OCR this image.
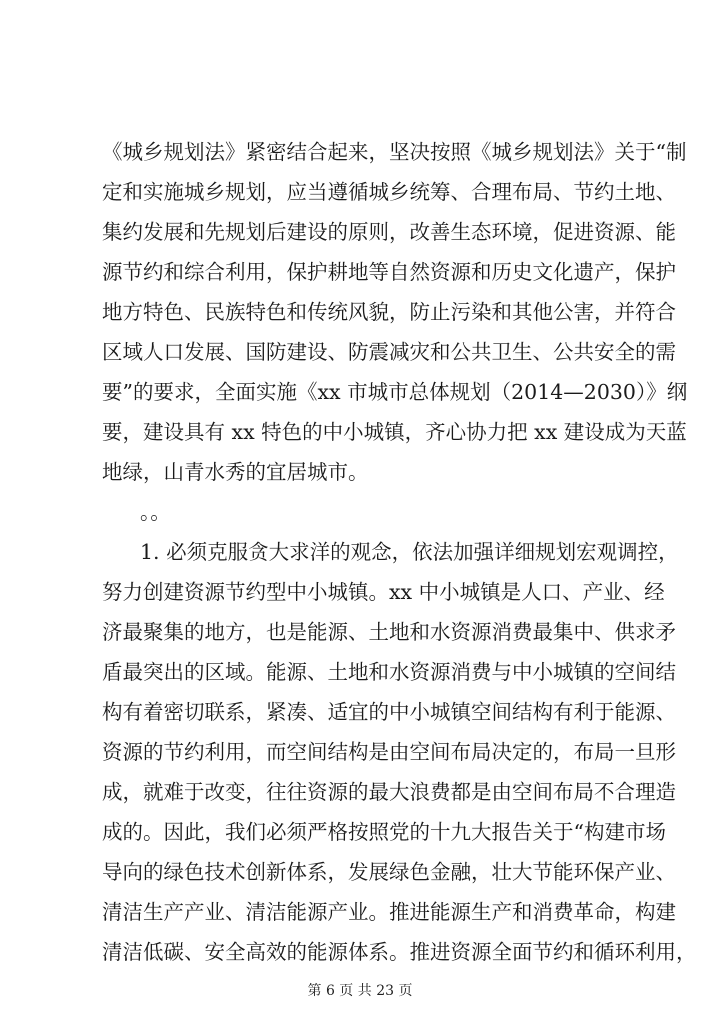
《城乡规划法》紧密结合起来，坚决按照《城乡规划法》关于“制
定和实施城乡规划，应当遵循城乡统筹、合理布局、节约土地、
集约发展和先规划后建设的原则，改善生态环境，促进资源、能
源节约和综合利用，保护耕地等自然资源和历史文化遗产，保护
地方特色、民族特色和传统风貌，防止污染和其他公害，并符合
区域人口发展、国防建设、防震减灾和公共卫生、公共安全的需
要”的要求，全面实施《xx 市城市总体规划（2014—2030）》纲
要，建设具有 xx 特色的中小城镇，齐心协力把 xx 建设成为天蓝
地绿，山青水秀的宜居城市。
。。
1. 必须克服贪大求洋的观念，依法加强详细规划宏观调控，
努力创建资源节约型中小城镇。xx 中小城镇是人口、产业、经
济最聚集的地方，也是能源、土地和水资源消费最集中、供求矛
盾最突出的区域。能源、土地和水资源消费与中小城镇的空间结
构有着密切联系，紧凑、适宜的中小城镇空间结构有利于能源、
资源的节约利用，而空间结构是由空间布局决定的，布局一旦形
成，就难于改变，往往资源的最大浪费都是由空间布局不合理造
成的。因此，我们必须严格按照党的十九大报告关于“构建市场
导向的绿色技术创新体系，发展绿色金融，壮大节能环保产业、
清洁生产产业、清洁能源产业。推进能源生产和消费革命，构建
清洁低碳、安全高效的能源体系。推进资源全面节约和循环利用，
第 6 页 共 23 页
